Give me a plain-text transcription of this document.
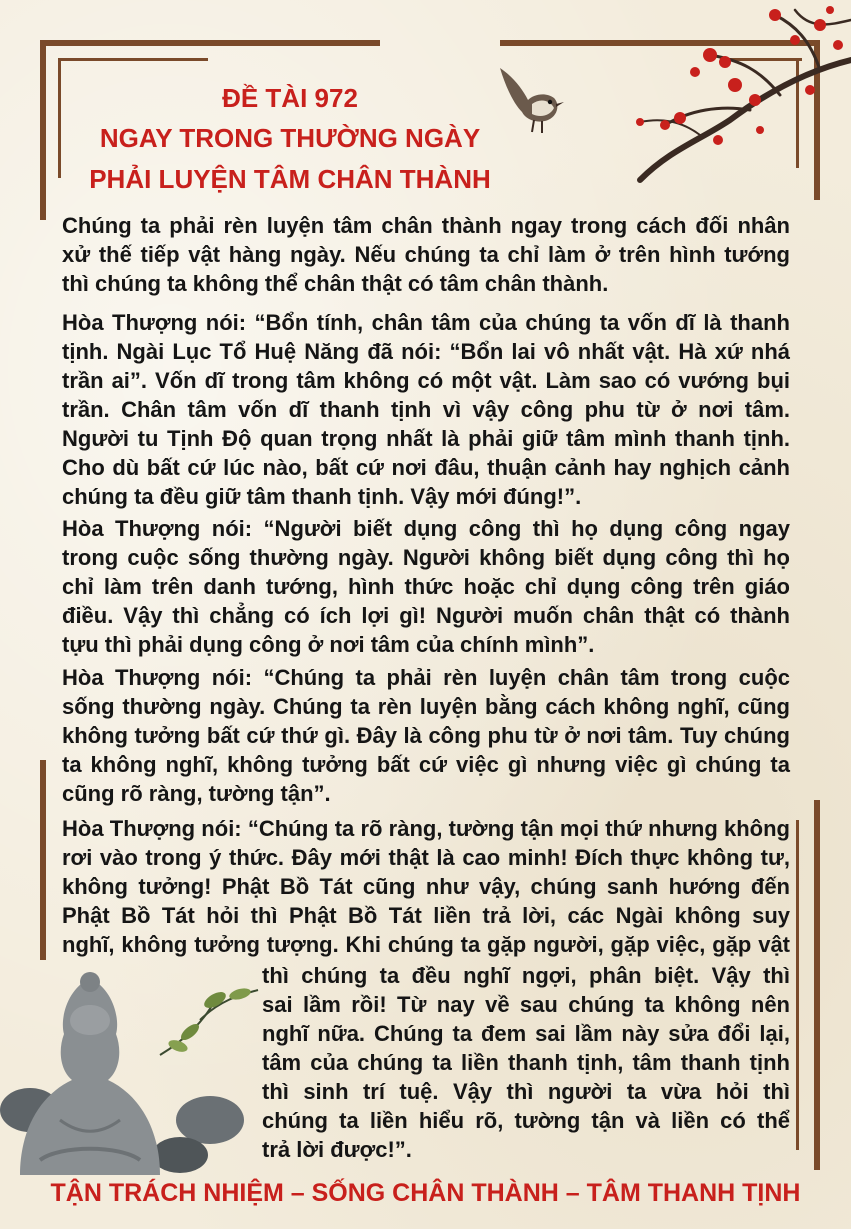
ĐỀ TÀI 972
NGAY TRONG THƯỜNG NGÀY
PHẢI LUYỆN TÂM CHÂN THÀNH

Chúng ta phải rèn luyện tâm chân thành ngay trong cách đối nhân

xử thế tiếp vật hàng ngày. Nếu chúng ta chỉ làm ở trên hình tướng

thì chúng ta không thể chân thật có tâm chân thành.

Hòa Thượng nói: “Bổn tính, chân tâm của chúng ta vốn dĩ là thanh

tịnh. Ngài Lục Tổ Huệ Năng đã nói: “Bổn lai vô nhất vật. Hà xứ nhá

trần ai”. Vốn dĩ trong tâm không có một vật. Làm sao có vướng bụi

trần. Chân tâm vốn dĩ thanh tịnh vì vậy công phu từ ở nơi tâm.

Người tu Tịnh Độ quan trọng nhất là phải giữ tâm mình thanh tịnh.

Cho dù bất cứ lúc nào, bất cứ nơi đâu, thuận cảnh hay nghịch cảnh

chúng ta đều giữ tâm thanh tịnh. Vậy mới đúng!”.

Hòa Thượng nói: “Người biết dụng công thì họ dụng công ngay

trong cuộc sống thường ngày. Người không biết dụng công thì họ

chỉ làm trên danh tướng, hình thức hoặc chỉ dụng công trên giáo

điều. Vậy thì chẳng có ích lợi gì! Người muốn chân thật có thành

tựu thì phải dụng công ở nơi tâm của chính mình”.

Hòa Thượng nói: “Chúng ta phải rèn luyện chân tâm trong cuộc

sống thường ngày. Chúng ta rèn luyện bằng cách không nghĩ, cũng

không tưởng bất cứ thứ gì. Đây là công phu từ ở nơi tâm. Tuy chúng

ta không nghĩ, không tưởng bất cứ việc gì nhưng việc gì chúng ta

cũng rõ ràng, tường tận”.

Hòa Thượng nói: “Chúng ta rõ ràng, tường tận mọi thứ nhưng không

rơi vào trong ý thức. Đây mới thật là cao minh! Đích thực không tư,

không tưởng! Phật Bồ Tát cũng như vậy, chúng sanh hướng đến

Phật Bồ Tát hỏi thì Phật Bồ Tát liền trả lời, các Ngài không suy

nghĩ, không tưởng tượng. Khi chúng ta gặp người, gặp việc, gặp vật

thì chúng ta đều nghĩ ngợi, phân biệt. Vậy thì

sai lầm rồi! Từ nay về sau chúng ta không nên

nghĩ nữa. Chúng ta đem sai lầm này sửa đổi lại,

tâm của chúng ta liền thanh tịnh, tâm thanh tịnh

thì sinh trí tuệ. Vậy thì người ta vừa hỏi thì

chúng ta liền hiểu rõ, tường tận và liền có thể

trả lời được!”.

TẬN TRÁCH NHIỆM – SỐNG CHÂN THÀNH – TÂM THANH TỊNH
